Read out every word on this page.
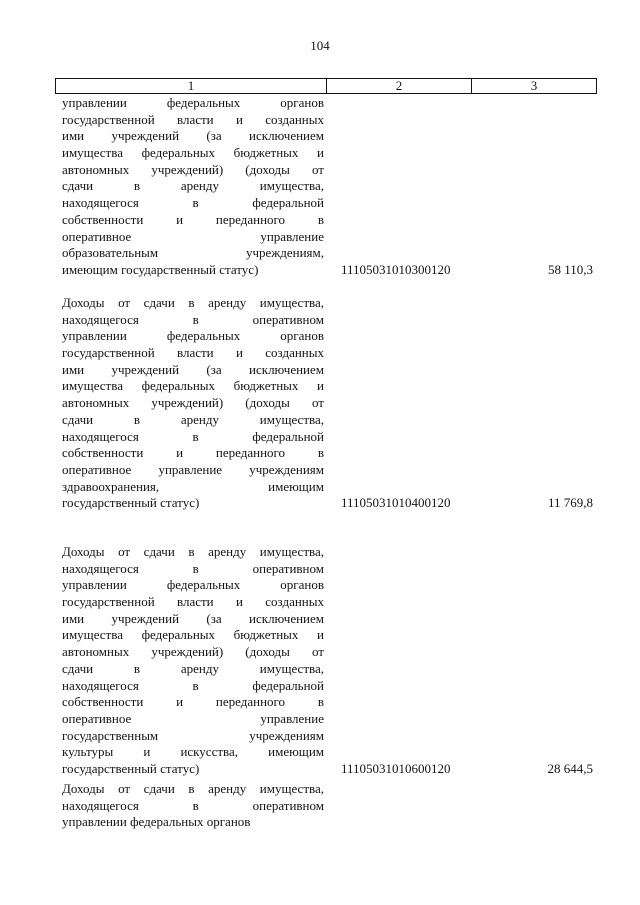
104
1	2	3
управлении федеральных органов
государственной власти и созданных
ими учреждений (за исключением
имущества федеральных бюджетных и
автономных учреждений) (доходы от
сдачи в аренду имущества,
находящегося в федеральной
собственности и переданного в
оперативное управление
образовательным учреждениям,
имеющим государственный статус)	11105031010300120	58 110,3
Доходы от сдачи в аренду имущества,
находящегося в оперативном
управлении федеральных органов
государственной власти и созданных
ими учреждений (за исключением
имущества федеральных бюджетных и
автономных учреждений) (доходы от
сдачи в аренду имущества,
находящегося в федеральной
собственности и переданного в
оперативное управление учреждениям
здравоохранения, имеющим
государственный статус)	11105031010400120	11 769,8
Доходы от сдачи в аренду имущества,
находящегося в оперативном
управлении федеральных органов
государственной власти и созданных
ими учреждений (за исключением
имущества федеральных бюджетных и
автономных учреждений) (доходы от
сдачи в аренду имущества,
находящегося в федеральной
собственности и переданного в
оперативное управление
государственным учреждениям
культуры и искусства, имеющим
государственный статус)	11105031010600120	28 644,5
Доходы от сдачи в аренду имущества,
находящегося в оперативном
управлении федеральных органов
